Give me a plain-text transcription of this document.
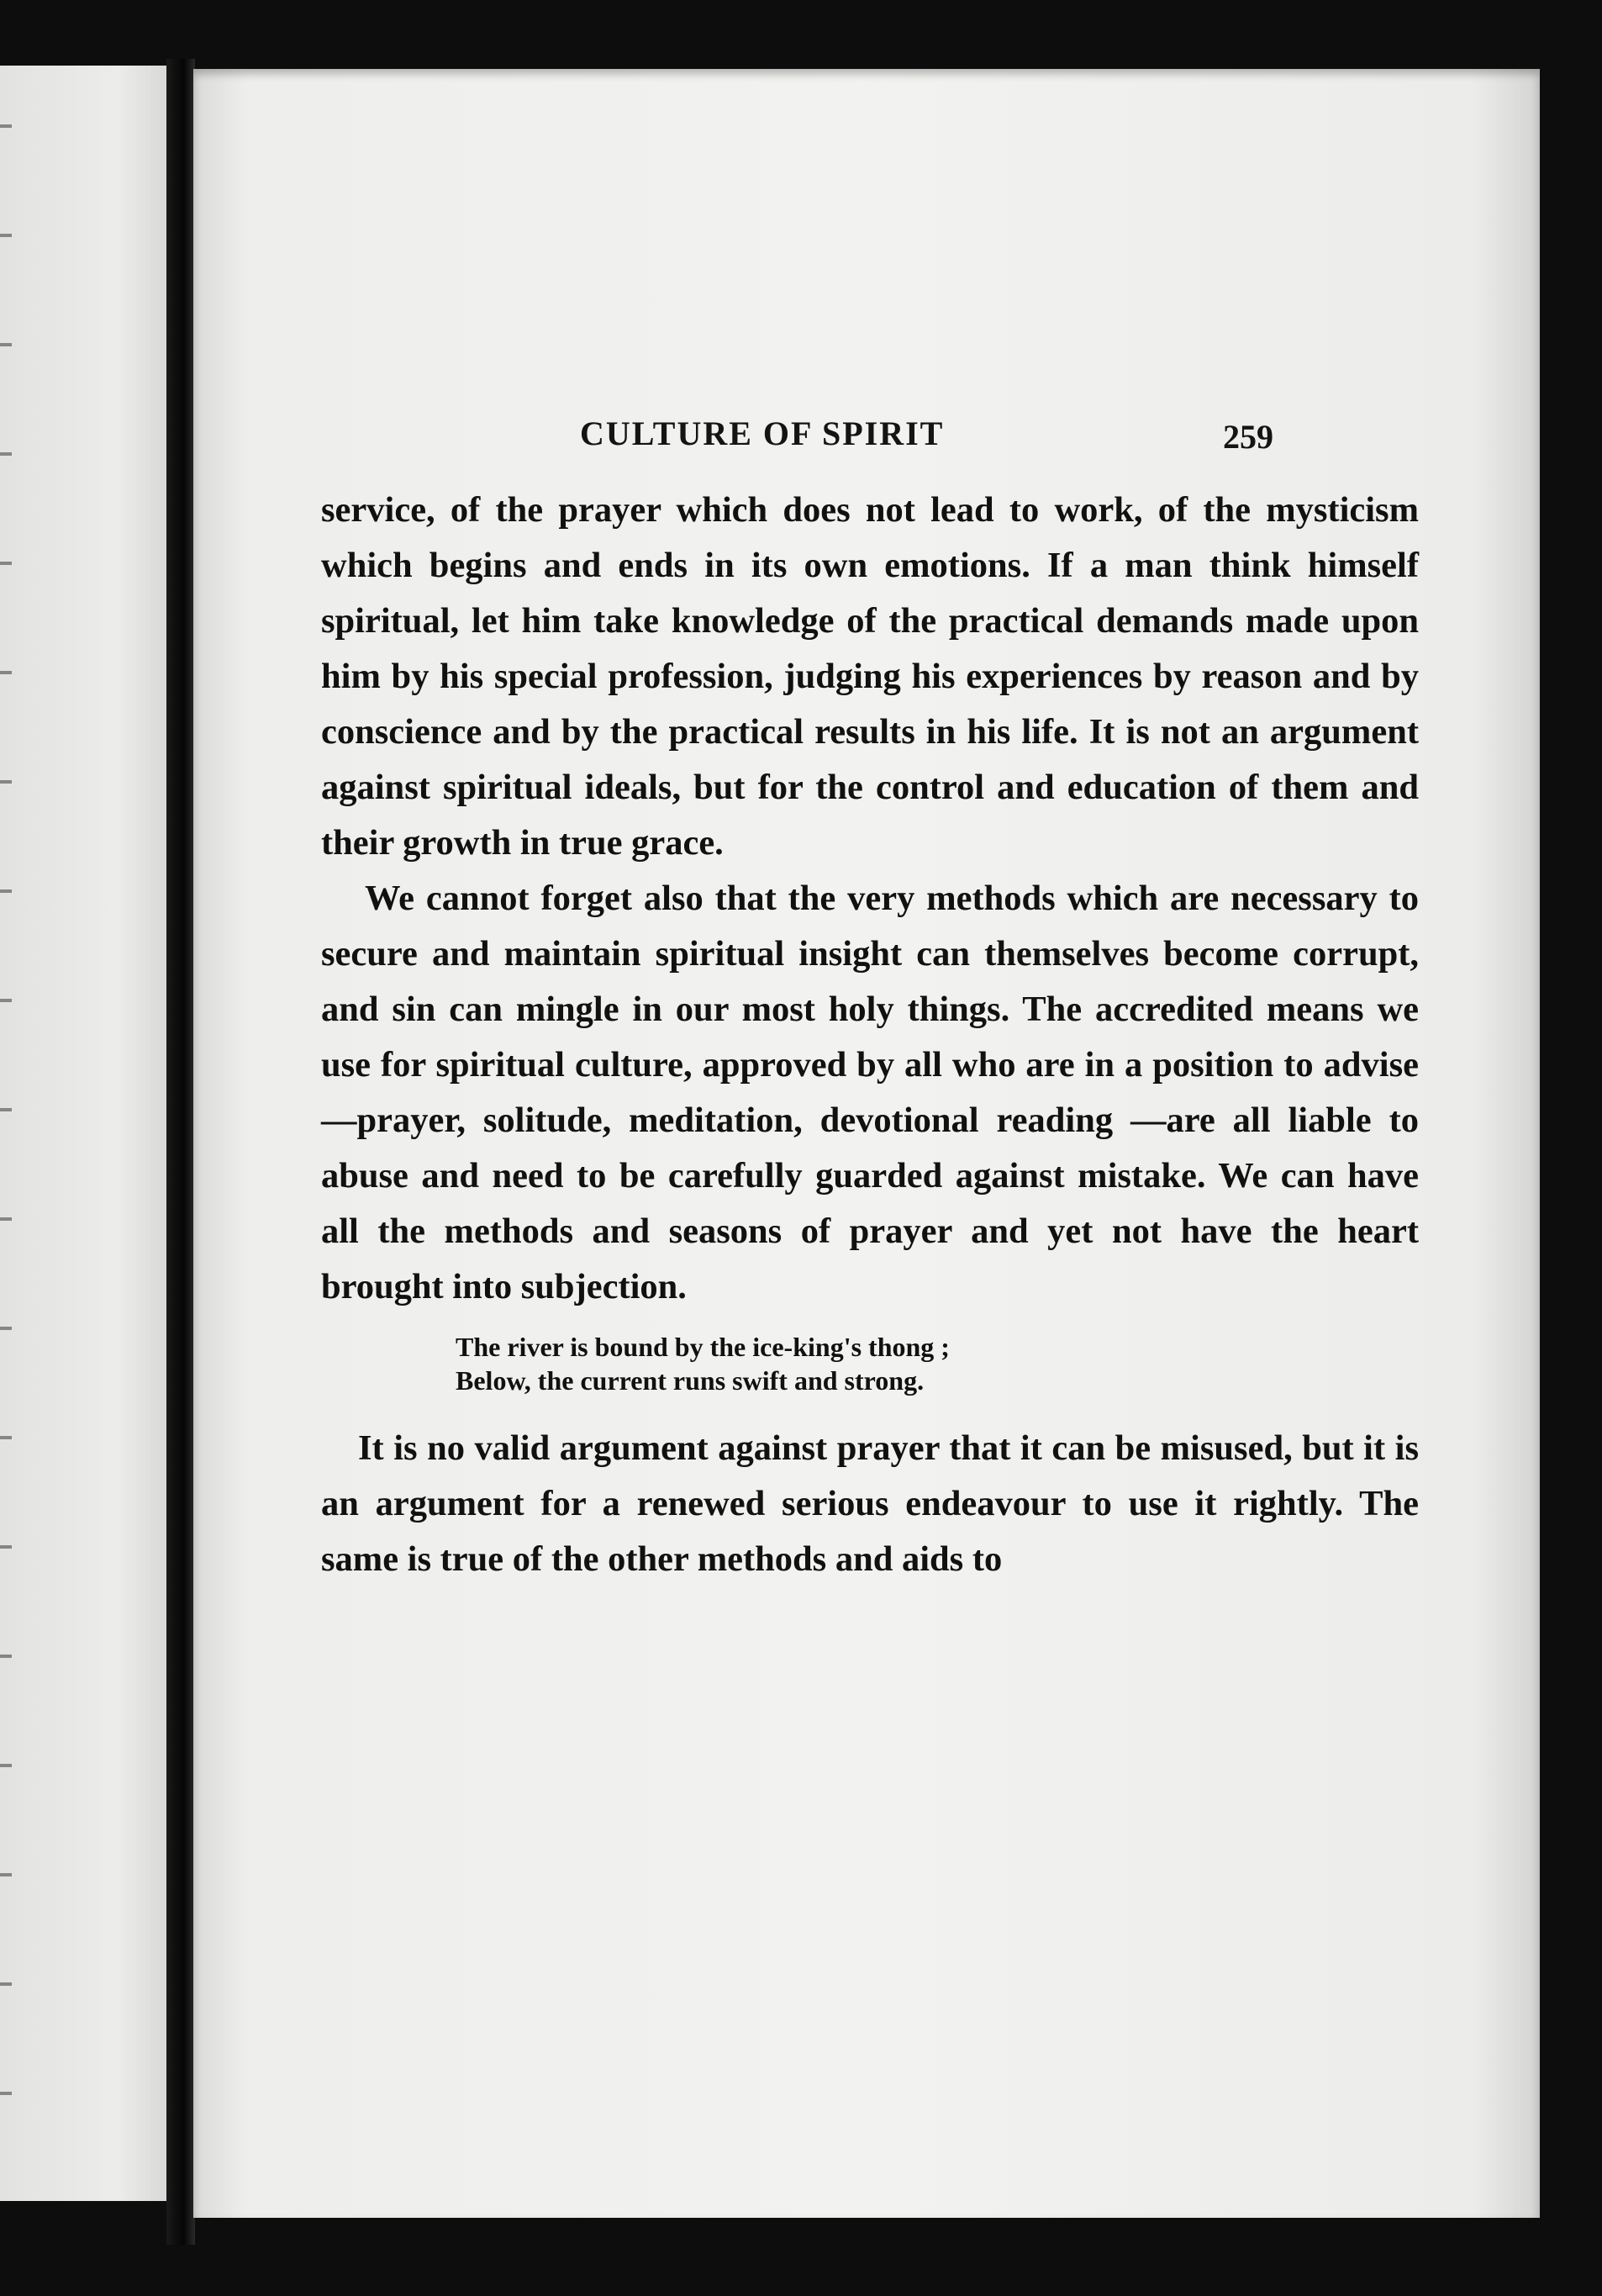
CULTURE OF SPIRIT	259

service, of the prayer which does not lead to work, of the mysticism which begins and ends in its own emotions. If a man think himself spiritual, let him take knowledge of the practical demands made upon him by his special profession, judging his experiences by reason and by conscience and by the practical results in his life. It is not an argument against spiritual ideals, but for the control and education of them and their growth in true grace.

We cannot forget also that the very methods which are necessary to secure and maintain spiritual insight can themselves become corrupt, and sin can mingle in our most holy things. The accredited means we use for spiritual culture, approved by all who are in a position to advise —prayer, solitude, meditation, devotional reading —are all liable to abuse and need to be carefully guarded against mistake. We can have all the methods and seasons of prayer and yet not have the heart brought into subjection.

The river is bound by the ice-king's thong ;
Below, the current runs swift and strong.

It is no valid argument against prayer that it can be misused, but it is an argument for a renewed serious endeavour to use it rightly. The same is true of the other methods and aids to
